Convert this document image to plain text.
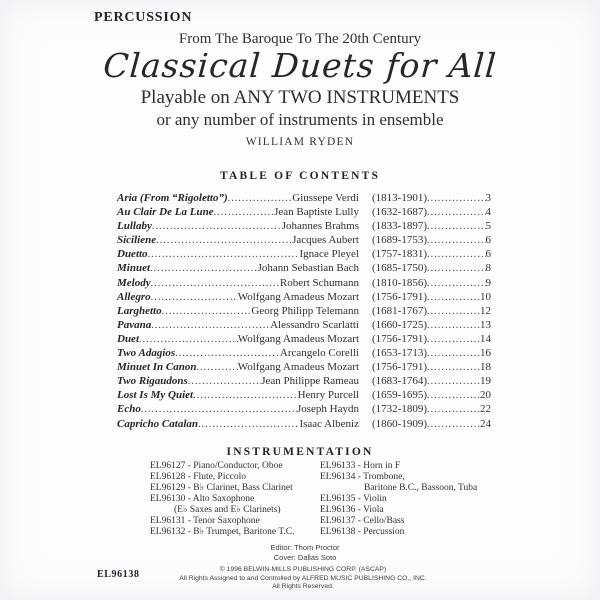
PERCUSSION
From The Baroque To The 20th Century
Classical Duets for All
Playable on ANY TWO INSTRUMENTS
or any number of instruments in ensemble
WILLIAM RYDEN
TABLE OF CONTENTS
Aria (From “Rigoletto”) .....	Giussepe Verdi (1813-1901) .....	3
Au Clair De La Lune .....	Jean Baptiste Lully (1632-1687) .....	4
Lullaby .....	Johannes Brahms (1833-1897) .....	5
Siciliene .....	Jacques Aubert (1689-1753) .....	6
Duetto .....	Ignace Pleyel (1757-1831) .....	6
Minuet .....	Johann Sebastian Bach (1685-1750) .....	8
Melody .....	Robert Schumann (1810-1856) .....	9
Allegro .....	Wolfgang Amadeus Mozart (1756-1791) .....	10
Larghetto .....	Georg Philipp Telemann (1681-1767) .....	12
Pavana .....	Alessandro Scarlatti (1660-1725) .....	13
Duet .....	Wolfgang Amadeus Mozart (1756-1791) .....	14
Two Adagios .....	Arcangelo Corelli (1653-1713) .....	16
Minuet In Canon .....	Wolfgang Amadeus Mozart (1756-1791) .....	18
Two Rigaudons .....	Jean Philippe Rameau (1683-1764) .....	19
Lost Is My Quiet .....	Henry Purcell (1659-1695) .....	20
Echo .....	Joseph Haydn (1732-1809) .....	22
Capricho Catalan .....	Isaac Albeniz (1860-1909) .....	24
INSTRUMENTATION
EL96127 - Piano/Conductor, Oboe
EL96128 - Flute, Piccolo
EL96129 - B♭ Clarinet, Bass Clarinet
EL96130 - Alto Saxophone
(E♭ Saxes and E♭ Clarinets)
EL96131 - Tenor Saxophone
EL96132 - B♭ Trumpet, Baritone T.C.
EL96133 - Horn in F
EL96134 - Trombone,
Baritone B.C., Bassoon, Tuba
EL96135 - Violin
EL96136 - Viola
EL96137 - Cello/Bass
EL96138 - Percussion
Editor: Thom Proctor
Cover: Dallas Soto
© 1996 BELWIN-MILLS PUBLISHING CORP. (ASCAP)
All Rights Assigned to and Controlled by ALFRED MUSIC PUBLISHING CO., INC.
All Rights Reserved.
EL96138
